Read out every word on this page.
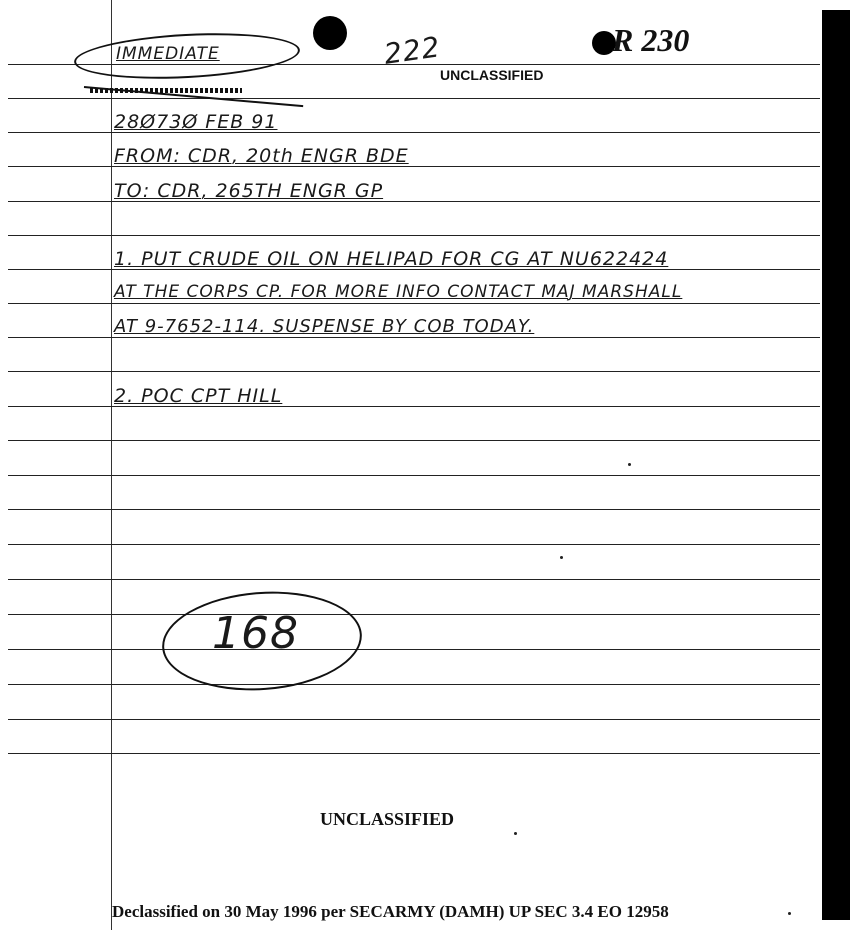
IMMEDIATE	222	R 230
UNCLASSIFIED
28Ø73Ø FEB 91
FROM: CDR, 20th ENGR BDE
TO: CDR, 265TH ENGR GP
1. PUT CRUDE OIL ON HELIPAD FOR CG AT NU622424
AT THE CORPS CP. FOR MORE INFO CONTACT MAJ MARSHALL
AT 9-7652-114. SUSPENSE BY COB TODAY.
2. POC CPT HILL
168
UNCLASSIFIED
Declassified on 30 May 1996 per SECARMY (DAMH) UP SEC 3.4 EO 12958
